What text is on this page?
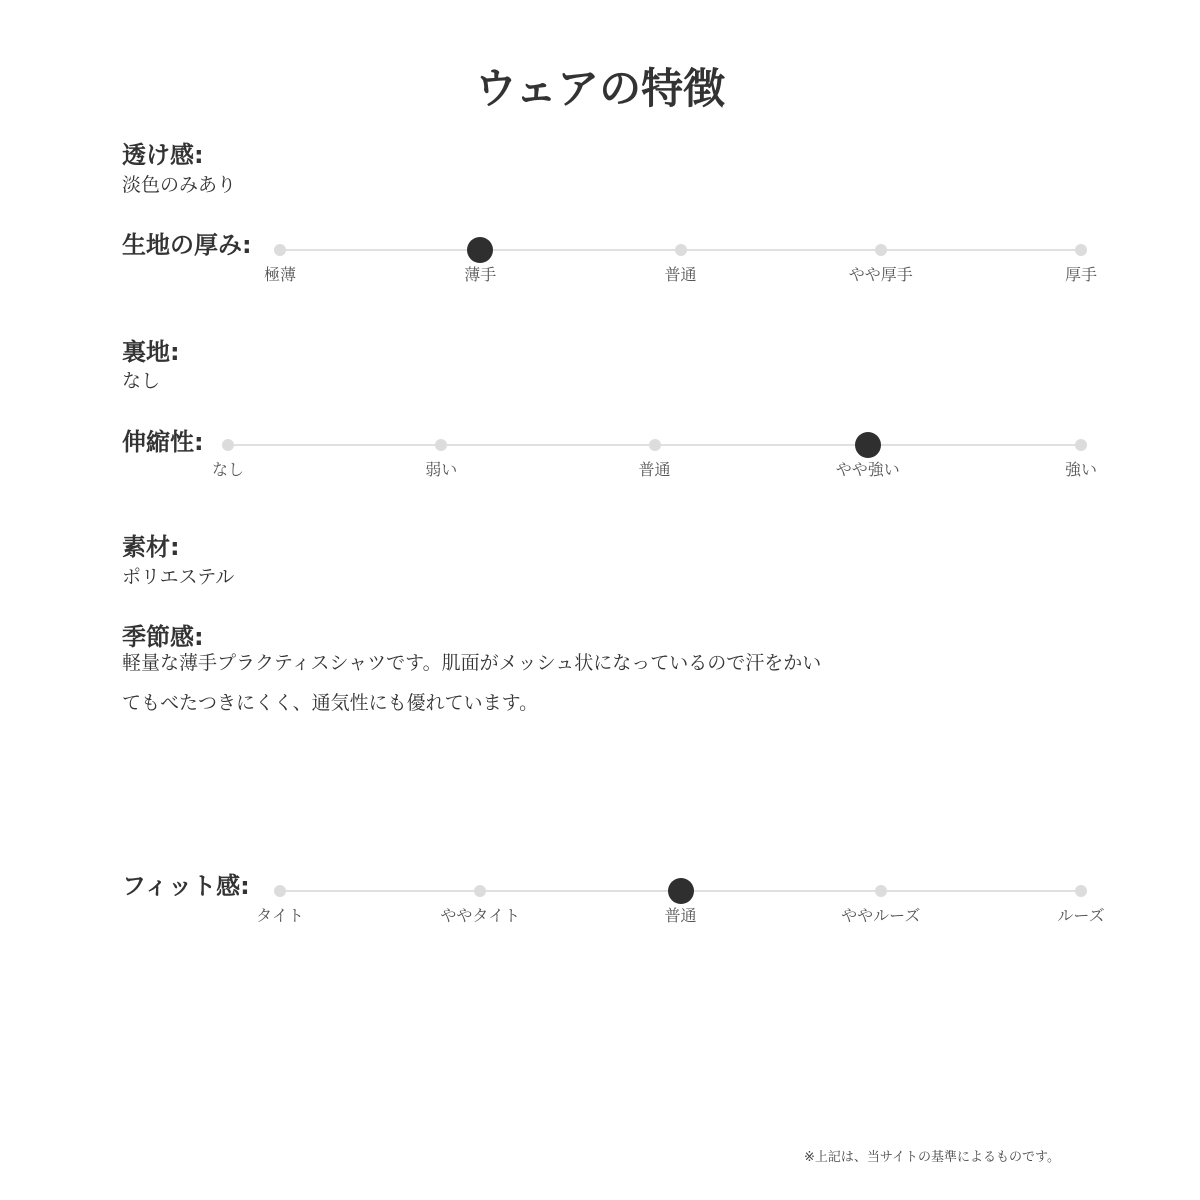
ウェアの特徴
透け感:
淡色のみあり
生地の厚み:
極薄	薄手	普通	やや厚手	厚手
裏地:
なし
伸縮性:
なし	弱い	普通	やや強い	強い
素材:
ポリエステル
季節感:
軽量な薄手プラクティスシャツです。肌面がメッシュ状になっているので汗をかい
てもべたつきにくく、通気性にも優れています。
フィット感:
タイト	ややタイト	普通	ややルーズ	ルーズ
※上記は、当サイトの基準によるものです。
